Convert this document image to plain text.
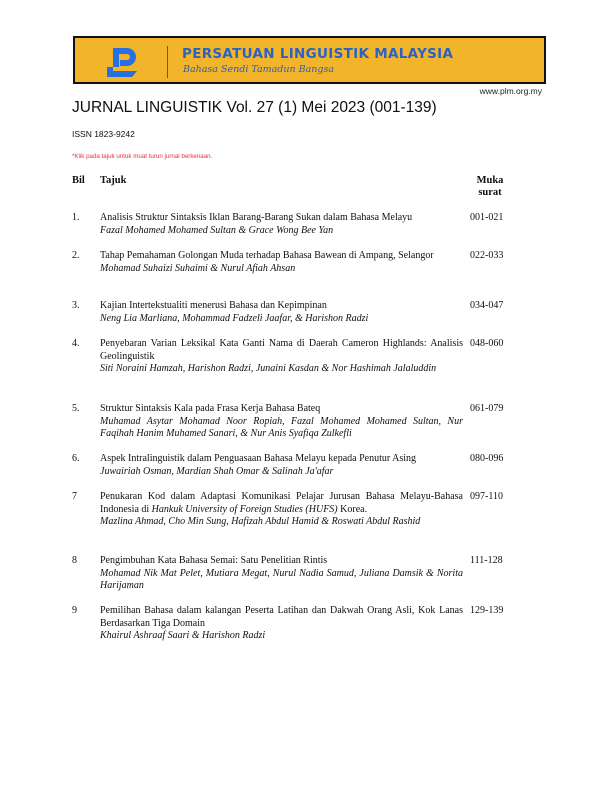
PERSATUAN LINGUISTIK MALAYSIA
Bahasa Sendi Tamadun Bangsa
www.plm.org.my
JURNAL LINGUISTIK Vol. 27 (1) Mei 2023 (001-139)
ISSN 1823-9242
*Klik pada tajuk untuk muat turun jurnal berkenaan.
Bil Tajuk	Muka
surat
1. Analisis Struktur Sintaksis Iklan Barang-Barang Sukan dalam Bahasa Melayu
Fazal Mohamed Mohamed Sultan & Grace Wong Bee Yan
001-021
2. Tahap Pemahaman Golongan Muda terhadap Bahasa Bawean di Ampang, Selangor
Mohamad Suhaizi Suhaimi & Nurul Afiah Ahsan
022-033
3. Kajian Intertekstualiti menerusi Bahasa dan Kepimpinan
Neng Lia Marliana, Mohammad Fadzeli Jaafar, & Harishon Radzi
034-047
4. Penyebaran Varian Leksikal Kata Ganti Nama di Daerah Cameron Highlands: Analisis Geolinguistik
Siti Noraini Hamzah, Harishon Radzi, Junaini Kasdan & Nor Hashimah Jalaluddin
048-060
5. Struktur Sintaksis Kala pada Frasa Kerja Bahasa Bateq
Muhamad Asytar Mohamad Noor Ropiah, Fazal Mohamed Mohamed Sultan, Nur Faqihah Hanim Muhamed Sanari, & Nur Anis Syafiqa Zulkefli
061-079
6. Aspek Intralinguistik dalam Penguasaan Bahasa Melayu kepada Penutur Asing
Juwairiah Osman, Mardian Shah Omar & Salinah Ja'afar
080-096
7 Penukaran Kod dalam Adaptasi Komunikasi Pelajar Jurusan Bahasa Melayu-Bahasa Indonesia di Hankuk University of Foreign Studies (HUFS) Korea.
Mazlina Ahmad, Cho Min Sung, Hafizah Abdul Hamid & Roswati Abdul Rashid
097-110
8 Pengimbuhan Kata Bahasa Semai: Satu Penelitian Rintis
Mohamad Nik Mat Pelet, Mutiara Megat, Nurul Nadia Samud, Juliana Damsik & Norita Harijaman
111-128
9 Pemilihan Bahasa dalam kalangan Peserta Latihan dan Dakwah Orang Asli, Kok Lanas Berdasarkan Tiga Domain
Khairul Ashraaf Saari & Harishon Radzi
129-139
